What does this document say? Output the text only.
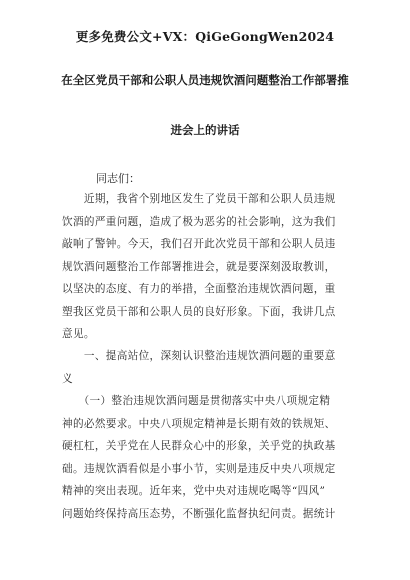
更多免费公文+VX：QiGeGongWen2024
在全区党员干部和公职人员违规饮酒问题整治工作部署推
进会上的讲话
同志们：
　　近期，我省个别地区发生了党员干部和公职人员违规
饮酒的严重问题，造成了极为恶劣的社会影响，这为我们
敲响了警钟。今天，我们召开此次党员干部和公职人员违
规饮酒问题整治工作部署推进会，就是要深刻汲取教训，
以坚决的态度、有力的举措，全面整治违规饮酒问题，重
塑我区党员干部和公职人员的良好形象。下面，我讲几点
意见。
　　一、提高站位，深刻认识整治违规饮酒问题的重要意
义
　　（一）整治违规饮酒问题是贯彻落实中央八项规定精
神的必然要求。中央八项规定精神是长期有效的铁规矩、
硬杠杠，关乎党在人民群众心中的形象，关乎党的执政基
础。违规饮酒看似是小事小节，实则是违反中央八项规定
精神的突出表现。近年来，党中央对违规吃喝等“四风”
问题始终保持高压态势，不断强化监督执纪问责。据统计
